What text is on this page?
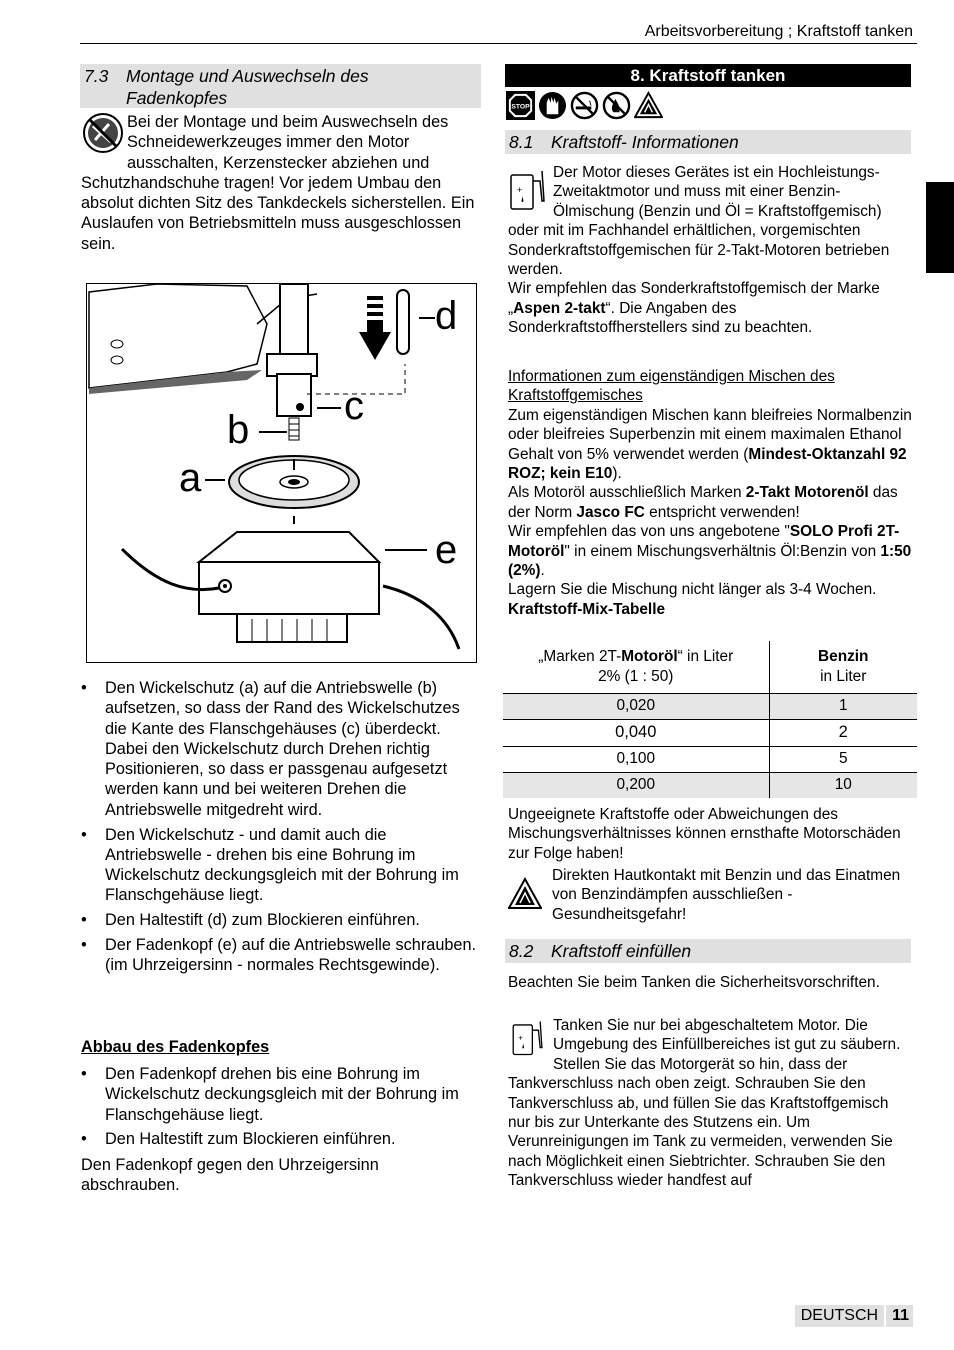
Arbeitsvorbereitung ; Kraftstoff tanken
7.3 Montage und Auswechseln des
Fadenkopfes
Bei der Montage und beim Auswechseln des Schneidewerkzeuges immer den Motor ausschalten, Kerzenstecker abziehen und Schutzhandschuhe tragen! Vor jedem Umbau den absolut dichten Sitz des Tankdeckels sicherstellen. Ein Auslaufen von Betriebsmitteln muss ausgeschlossen sein.
d
c
b
a
e
• Den Wickelschutz (a) auf die Antriebswelle (b) aufsetzen, so dass der Rand des Wickelschutzes die Kante des Flanschgehäuses (c) überdeckt. Dabei den Wickelschutz durch Drehen richtig Positionieren, so dass er passgenau aufgesetzt werden kann und bei weiteren Drehen die Antriebswelle mitgedreht wird.
• Den Wickelschutz - und damit auch die Antriebswelle - drehen bis eine Bohrung im Wickelschutz deckungsgleich mit der Bohrung im Flanschgehäuse liegt.
• Den Haltestift (d) zum Blockieren einführen.
• Der Fadenkopf (e) auf die Antriebswelle schrauben. (im Uhrzeigersinn - normales Rechtsgewinde).
Abbau des Fadenkopfes
• Den Fadenkopf drehen bis eine Bohrung im Wickelschutz deckungsgleich mit der Bohrung im Flanschgehäuse liegt.
• Den Haltestift zum Blockieren einführen.
Den Fadenkopf gegen den Uhrzeigersinn abschrauben.
8. Kraftstoff tanken
STOP
8.1 Kraftstoff- Informationen
+
Der Motor dieses Gerätes ist ein Hochleistungs-Zweitaktmotor und muss mit einer Benzin-Ölmischung (Benzin und Öl = Kraftstoffgemisch) oder mit im Fachhandel erhältlichen, vorgemischten Sonderkraftstoffgemischen für 2-Takt-Motoren betrieben werden.
Wir empfehlen das Sonderkraftstoffgemisch der Marke „Aspen 2-takt“. Die Angaben des Sonderkraftstoffherstellers sind zu beachten.
Informationen zum eigenständigen Mischen des Kraftstoffgemisches
Zum eigenständigen Mischen kann bleifreies Normalbenzin oder bleifreies Superbenzin mit einem maximalen Ethanol Gehalt von 5% verwendet werden (Mindest-Oktanzahl 92 ROZ; kein E10).
Als Motoröl ausschließlich Marken 2-Takt Motorenöl das der Norm Jasco FC entspricht verwenden!
Wir empfehlen das von uns angebotene "SOLO Profi 2T-Motoröl" in einem Mischungsverhältnis Öl:Benzin von 1:50 (2%).
Lagern Sie die Mischung nicht länger als 3-4 Wochen.
Kraftstoff-Mix-Tabelle
„Marken 2T-Motoröl“ in Liter
2% (1 : 50)	Benzin
in Liter
0,020	1
0,040	2
0,100	5
0,200	10
Ungeeignete Kraftstoffe oder Abweichungen des Mischungsverhältnisses können ernsthafte Motorschäden zur Folge haben!
Direkten Hautkontakt mit Benzin und das Einatmen von Benzindämpfen ausschließen - Gesundheitsgefahr!
8.2 Kraftstoff einfüllen
Beachten Sie beim Tanken die Sicherheitsvorschriften.
+
Tanken Sie nur bei abgeschaltetem Motor. Die Umgebung des Einfüllbereiches ist gut zu säubern. Stellen Sie das Motorgerät so hin, dass der Tankverschluss nach oben zeigt. Schrauben Sie den Tankverschluss ab, und füllen Sie das Kraftstoffgemisch nur bis zur Unterkante des Stutzens ein. Um Verunreinigungen im Tank zu vermeiden, verwenden Sie nach Möglichkeit einen Siebtrichter. Schrauben Sie den Tankverschluss wieder handfest auf
DEUTSCH 11
